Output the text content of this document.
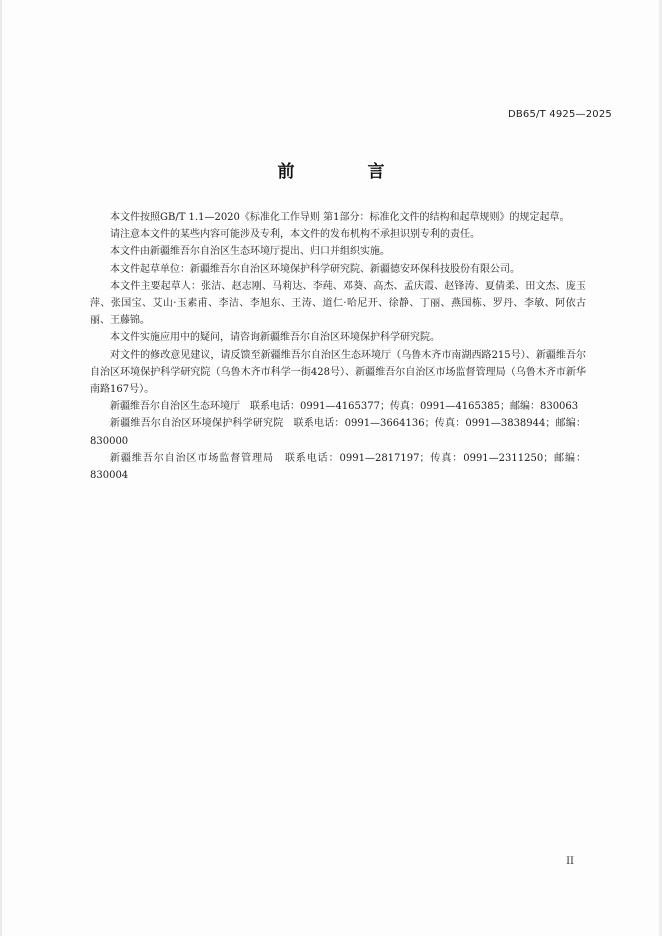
DB65/T 4925—2025
前　言

本文件按照GB/T 1.1—2020《标准化工作导则 第1部分：标准化文件的结构和起草规则》的规定起草。

请注意本文件的某些内容可能涉及专利，本文件的发布机构不承担识别专利的责任。

本文件由新疆维吾尔自治区生态环境厅提出、归口并组织实施。

本文件起草单位：新疆维吾尔自治区环境保护科学研究院、新疆德安环保科技股份有限公司。

本文件主要起草人：张洁、赵志刚、马莉达、李莼、邓葵、高杰、孟庆霞、赵锋涛、夏倩柔、田文杰、庞玉萍、张国宝、艾山·玉素甫、李洁、李旭东、王涛、道仁·哈尼开、徐静、丁丽、燕国栋、罗丹、李敏、阿依古丽、王藤锦。

本文件实施应用中的疑问，请咨询新疆维吾尔自治区环境保护科学研究院。

对文件的修改意见建议，请反馈至新疆维吾尔自治区生态环境厅（乌鲁木齐市南湖西路215号）、新疆维吾尔自治区环境保护科学研究院（乌鲁木齐市科学一街428号）、新疆维吾尔自治区市场监督管理局（乌鲁木齐市新华南路167号）。

新疆维吾尔自治区生态环境厅　联系电话：0991—4165377；传真：0991—4165385；邮编：830063

新疆维吾尔自治区环境保护科学研究院　联系电话：0991—3664136；传真：0991—3838944；邮编：830000

新疆维吾尔自治区市场监督管理局　联系电话：0991—2817197；传真：0991—2311250；邮编：830004

II
